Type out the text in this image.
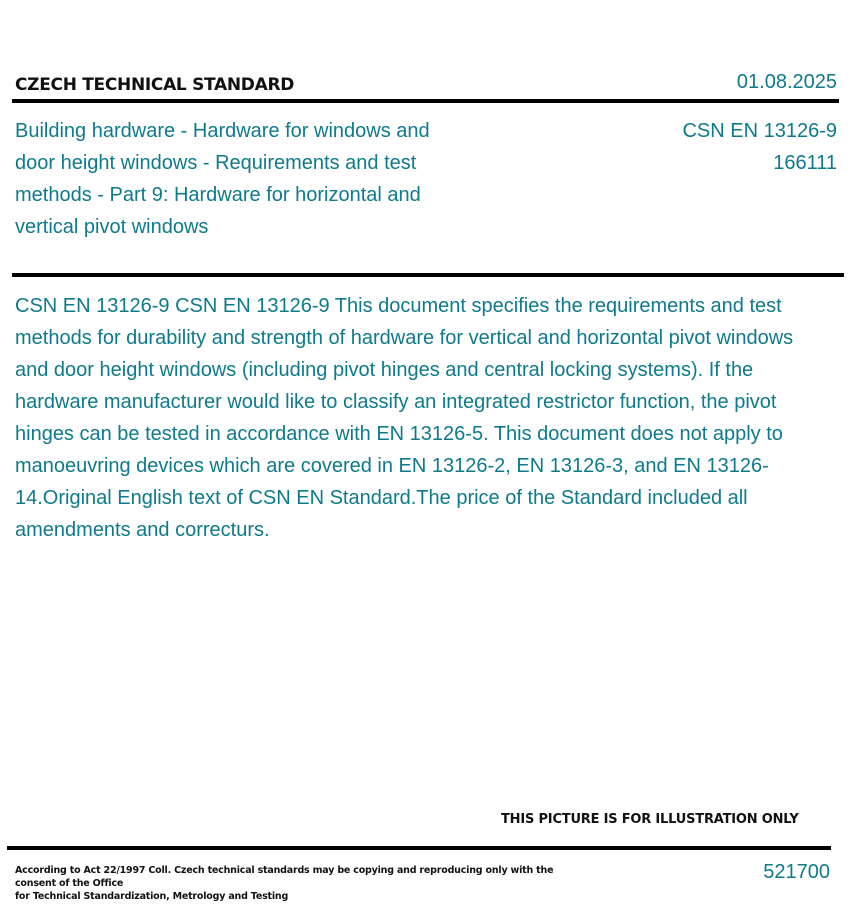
CZECH TECHNICAL STANDARD	01.08.2025
Building hardware - Hardware for windows and door height windows - Requirements and test methods - Part 9: Hardware for horizontal and vertical pivot windows
CSN EN 13126-9
166111
CSN EN 13126-9 CSN EN 13126-9 This document specifies the requirements and test methods for durability and strength of hardware for vertical and horizontal pivot windows and door height windows (including pivot hinges and central locking systems). If the hardware manufacturer would like to classify an integrated restrictor function, the pivot hinges can be tested in accordance with EN 13126-5. This document does not apply to manoeuvring devices which are covered in EN 13126-2, EN 13126-3, and EN 13126-14.Original English text of CSN EN Standard.The price of the Standard included all amendments and correcturs.
THIS PICTURE IS FOR ILLUSTRATION ONLY
According to Act 22/1997 Coll. Czech technical standards may be copying and reproducing only with the consent of the Office
for Technical Standardization, Metrology and Testing
521700
